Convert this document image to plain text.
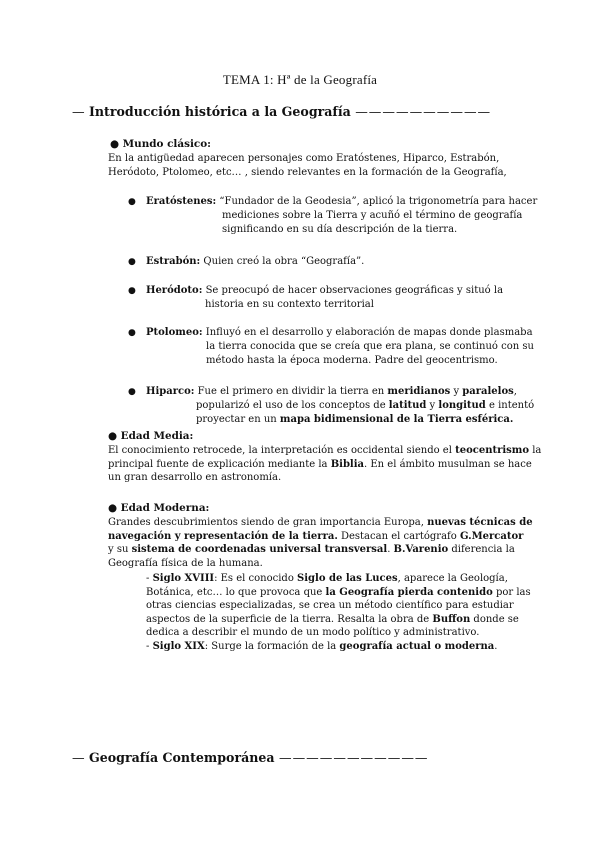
TEMA 1: Hª de la Geografía
— Introducción histórica a la Geografía ——————————
● Mundo clásico:
En la antigüedad aparecen personajes como Eratóstenes, Hiparco, Estrabón,
Heródoto, Ptolomeo, etc… , siendo relevantes en la formación de la Geografía,
● Eratóstenes: “Fundador de la Geodesia”, aplicó la trigonometría para hacer
mediciones sobre la Tierra y acuñó el término de geografía
significando en su día descripción de la tierra.
● Estrabón: Quien creó la obra “Geografía”.
● Heródoto: Se preocupó de hacer observaciones geográficas y situó la
historia en su contexto territorial
● Ptolomeo: Influyó en el desarrollo y elaboración de mapas donde plasmaba
la tierra conocida que se creía que era plana, se continuó con su
método hasta la época moderna. Padre del geocentrismo.
● Hiparco: Fue el primero en dividir la tierra en meridianos y paralelos,
popularizó el uso de los conceptos de latitud y longitud e intentó
proyectar en un mapa bidimensional de la Tierra esférica.
● Edad Media:
El conocimiento retrocede, la interpretación es occidental siendo el teocentrismo la
principal fuente de explicación mediante la Biblia. En el ámbito musulman se hace
un gran desarrollo en astronomía.
● Edad Moderna:
Grandes descubrimientos siendo de gran importancia Europa, nuevas técnicas de
navegación y representación de la tierra. Destacan el cartógrafo G.Mercator
y su sistema de coordenadas universal transversal. B.Varenio diferencia la
Geografía física de la humana.
- Siglo XVIII: Es el conocido Siglo de las Luces, aparece la Geología,
Botánica, etc… lo que provoca que la Geografía pierda contenido por las
otras ciencias especializadas, se crea un método científico para estudiar
aspectos de la superficie de la tierra. Resalta la obra de Buffon donde se
dedica a describir el mundo de un modo político y administrativo.
- Siglo XIX: Surge la formación de la geografía actual o moderna.
— Geografía Contemporánea ———————————
